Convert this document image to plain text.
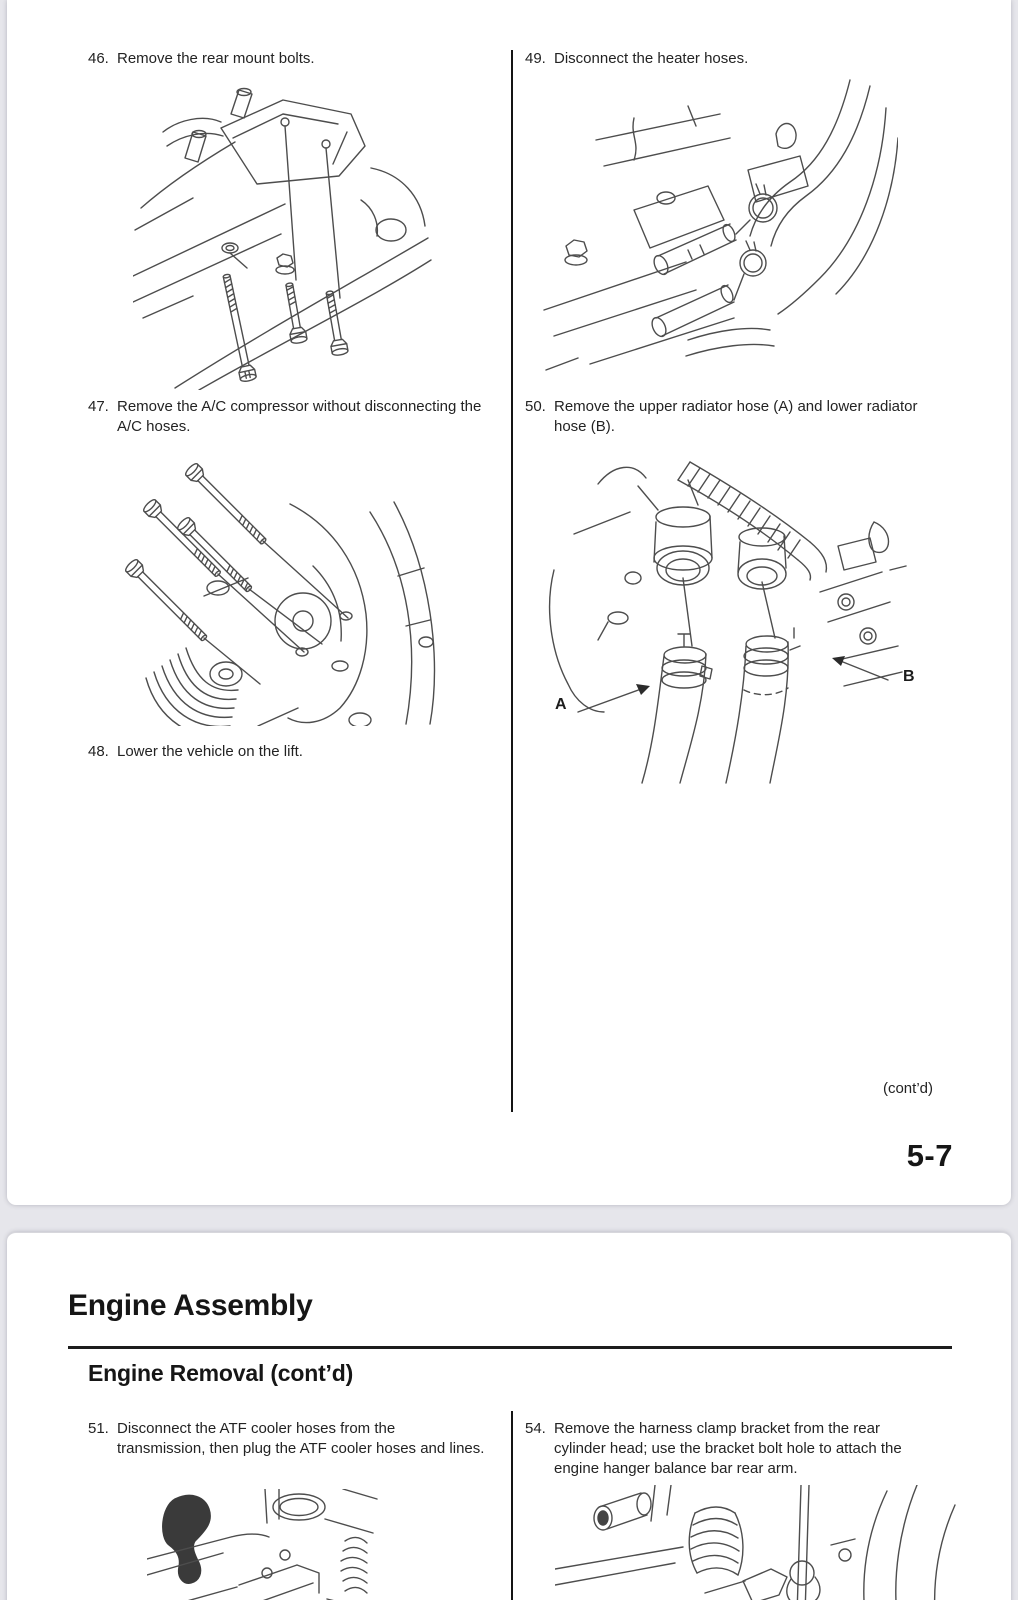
46. Remove the rear mount bolts.	49. Disconnect the heater hoses.
47. Remove the A/C compressor without disconnecting the A/C hoses.
50. Remove the upper radiator hose (A) and lower radiator hose (B).
A
B
48. Lower the vehicle on the lift.
(cont’d)
5-7
Engine Assembly
Engine Removal (cont’d)
51. Disconnect the ATF cooler hoses from the transmission, then plug the ATF cooler hoses and lines.
54. Remove the harness clamp bracket from the rear cylinder head; use the bracket bolt hole to attach the engine hanger balance bar rear arm.
